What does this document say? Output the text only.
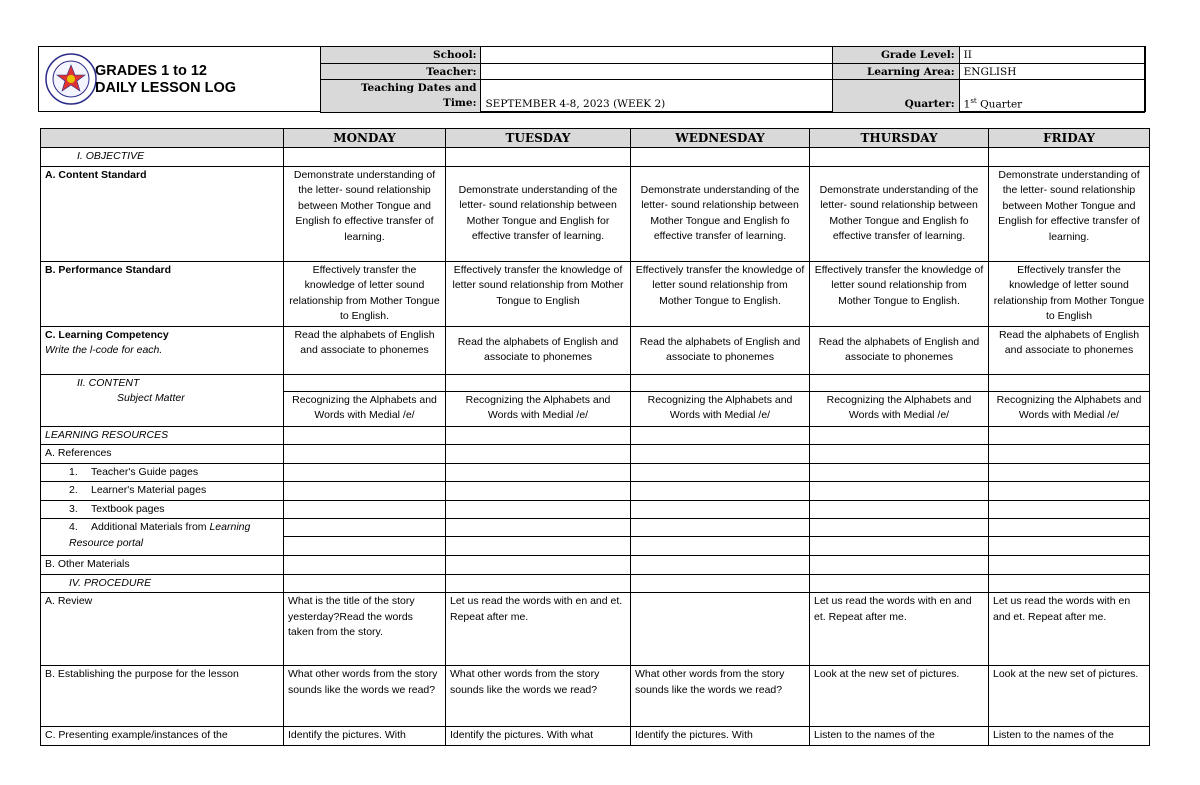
GRADES 1 to 12
DAILY LESSON LOG
School:		Grade Level:	II
Teacher:		Learning Area:	ENGLISH

Teaching Dates and
Time:	SEPTEMBER 4-8, 2023 (WEEK 2)	Quarter:	1st Quarter
	MONDAY	TUESDAY	WEDNESDAY	THURSDAY	FRIDAY
I. OBJECTIVE					
A. Content Standard	Demonstrate understanding of the letter- sound relationship between Mother Tongue and English fo effective transfer of learning.	Demonstrate understanding of the letter- sound relationship between Mother Tongue and English for effective transfer of learning.	Demonstrate understanding of the letter- sound relationship between Mother Tongue and English fo effective transfer of learning.	Demonstrate understanding of the letter- sound relationship between Mother Tongue and English fo effective transfer of learning.	Demonstrate understanding of the letter- sound relationship between Mother Tongue and English for effective transfer of learning.
B. Performance Standard	Effectively transfer the knowledge of letter sound relationship from Mother Tongue to English.	Effectively transfer the knowledge of letter sound relationship from Mother Tongue to English	Effectively transfer the knowledge of letter sound relationship from Mother Tongue to English.	Effectively transfer the knowledge of letter sound relationship from Mother Tongue to English.	Effectively transfer the knowledge of letter sound relationship from Mother Tongue to English

C. Learning Competency
Write the l-code for each.	Read the alphabets of English and associate to phonemes	Read the alphabets of English and associate to phonemes	Read the alphabets of English and associate to phonemes	Read the alphabets of English and associate to phonemes	Read the alphabets of English and associate to phonemes

II. CONTENT
Subject Matter					

	Recognizing the Alphabets and Words with Medial /e/	Recognizing the Alphabets and Words with Medial /e/	Recognizing the Alphabets and Words with Medial /e/	Recognizing the Alphabets and Words with Medial /e/	Recognizing the Alphabets and Words with Medial /e/
LEARNING RESOURCES					
A. References					
1. Teacher's Guide pages					
2. Learner's Material pages					
3. Textbook pages					
4. Additional Materials from Learning Resource portal					

B. Other Materials					
IV. PROCEDURE					
A. Review	What is the title of the story yesterday?Read the words taken from the story.	Let us read the words with en and et. Repeat after me.		Let us read the words with en and et. Repeat after me.	Let us read the words with en and et. Repeat after me.
B. Establishing the purpose for the lesson	What other words from the story sounds like the words we read?	What other words from the story sounds like the words we read?	What other words from the story sounds like the words we read?	Look at the new set of pictures.	Look at the new set of pictures.
C. Presenting example/instances of the	Identify the pictures. With	Identify the pictures. With what	Identify the pictures. With	Listen to the names of the	Listen to the names of the
